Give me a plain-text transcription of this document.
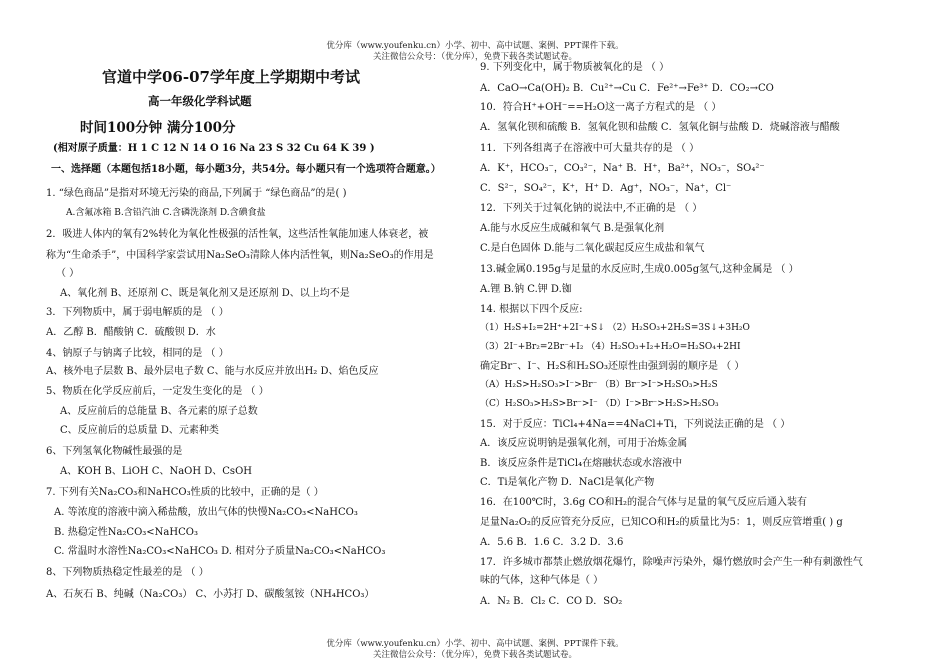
优分库（www.youfenku.cn）小学、初中、高中试题、案例、PPT课件下载。
关注微信公众号：（优分库），免费下载各类试题试卷。
官道中学06-07学年度上学期期中考试
高一年级化学科试题
时间100分钟 满分100分
(相对原子质量：H 1 C 12 N 14 O 16 Na 23 S 32 Cu 64 K 39 )
一、选择题（本题包括18小题，每小题3分，共54分。每小题只有一个选项符合题意。）
1. “绿色商品”是指对环境无污染的商品,下列属于 “绿色商品”的是( )
A.含氟冰箱 B.含铅汽油 C.含磷洗涤剂 D.含碘食盐
2．吸进人体内的氧有2%转化为氧化性极强的活性氧，这些活性氧能加速人体衰老，被
称为“生命杀手”，中国科学家尝试用Na₂SeO₃清除人体内活性氧，则Na₂SeO₃的作用是
（ ）
A、氧化剂 B、还原剂 C、既是氧化剂又是还原剂 D、以上均不是
3．下列物质中，属于弱电解质的是 （ ）
A．乙醇 B．醋酸钠 C．硫酸钡 D．水
4、钠原子与钠离子比较，相同的是 （ ）
A、核外电子层数 B、最外层电子数 C、能与水反应并放出H₂ D、焰色反应
5、物质在化学反应前后，一定发生变化的是 （ ）
A、反应前后的总能量 B、各元素的原子总数
C、反应前后的总质量 D、元素种类
6、下列氢氧化物碱性最强的是
A、KOH B、LiOH C、NaOH D、CsOH
7. 下列有关Na₂CO₃和NaHCO₃性质的比较中，正确的是（ ）
A. 等浓度的溶液中滴入稀盐酸，放出气体的快慢Na₂CO₃<NaHCO₃
B. 热稳定性Na₂CO₃<NaHCO₃
C. 常温时水溶性Na₂CO₃<NaHCO₃ D. 相对分子质量Na₂CO₃<NaHCO₃
8、下列物质热稳定性最差的是 （ ）
A、石灰石 B、纯碱（Na₂CO₃） C、小苏打 D、碳酸氢铵（NH₄HCO₃）
9. 下列变化中，属于物质被氧化的是 （ ）
A．CaO→Ca(OH)₂ B．Cu²⁺→Cu C．Fe²⁺→Fe³⁺ D．CO₂→CO
10．符合H⁺+OH⁻==H₂O这一离子方程式的是 （ ）
A．氢氧化钡和硫酸 B．氢氧化钡和盐酸 C．氢氧化铜与盐酸 D．烧碱溶液与醋酸
11．下列各组离子在溶液中可大量共存的是 （ ）
A．K⁺，HCO₃⁻，CO₃²⁻，Na⁺ B．H⁺，Ba²⁺，NO₃⁻，SO₄²⁻
C．S²⁻，SO₄²⁻，K⁺，H⁺ D．Ag⁺，NO₃⁻，Na⁺，Cl⁻
12．下列关于过氧化钠的说法中,不正确的是 （ ）
A.能与水反应生成碱和氧气 B.是强氧化剂
C.是白色固体 D.能与二氧化碳起反应生成盐和氧气
13.碱金属0.195g与足量的水反应时,生成0.005g氢气,这种金属是 （ ）
A.锂 B.钠 C.钾 D.铷
14. 根据以下四个反应:
（1）H₂S+I₂=2H⁺+2I⁻+S↓ （2）H₂SO₃+2H₂S=3S↓+3H₂O
（3）2I⁻+Br₂=2Br⁻+I₂ （4）H₂SO₃+I₂+H₂O=H₂SO₄+2HI
确定Br⁻、I⁻、H₂S和H₂SO₃还原性由强到弱的顺序是 （ ）
（A）H₂S>H₂SO₃>I⁻>Br⁻ （B）Br⁻>I⁻>H₂SO₃>H₂S
（C）H₂SO₃>H₂S>Br⁻>I⁻ （D）I⁻>Br⁻>H₂S>H₂SO₃
15．对于反应：TiCl₄+4Na==4NaCl+Ti，下列说法正确的是 （ ）
A．该反应说明钠是强氧化剂，可用于冶炼金属
B．该反应条件是TiCl₄在熔融状态或水溶液中
C．Ti是氧化产物 D．NaCl是氧化产物
16．在100℃时，3.6g CO和H₂的混合气体与足量的氧气反应后通入装有
足量Na₂O₂的反应管充分反应，已知CO和H₂的质量比为5：1，则反应管增重( ) g
A．5.6 B．1.6 C．3.2 D．3.6
17．许多城市都禁止燃放烟花爆竹，除噪声污染外，爆竹燃放时会产生一种有刺激性气
味的气体，这种气体是（ ）
A．N₂ B．Cl₂ C．CO D．SO₂
优分库（www.youfenku.cn）小学、初中、高中试题、案例、PPT课件下载。
关注微信公众号：（优分库），免费下载各类试题试卷。
